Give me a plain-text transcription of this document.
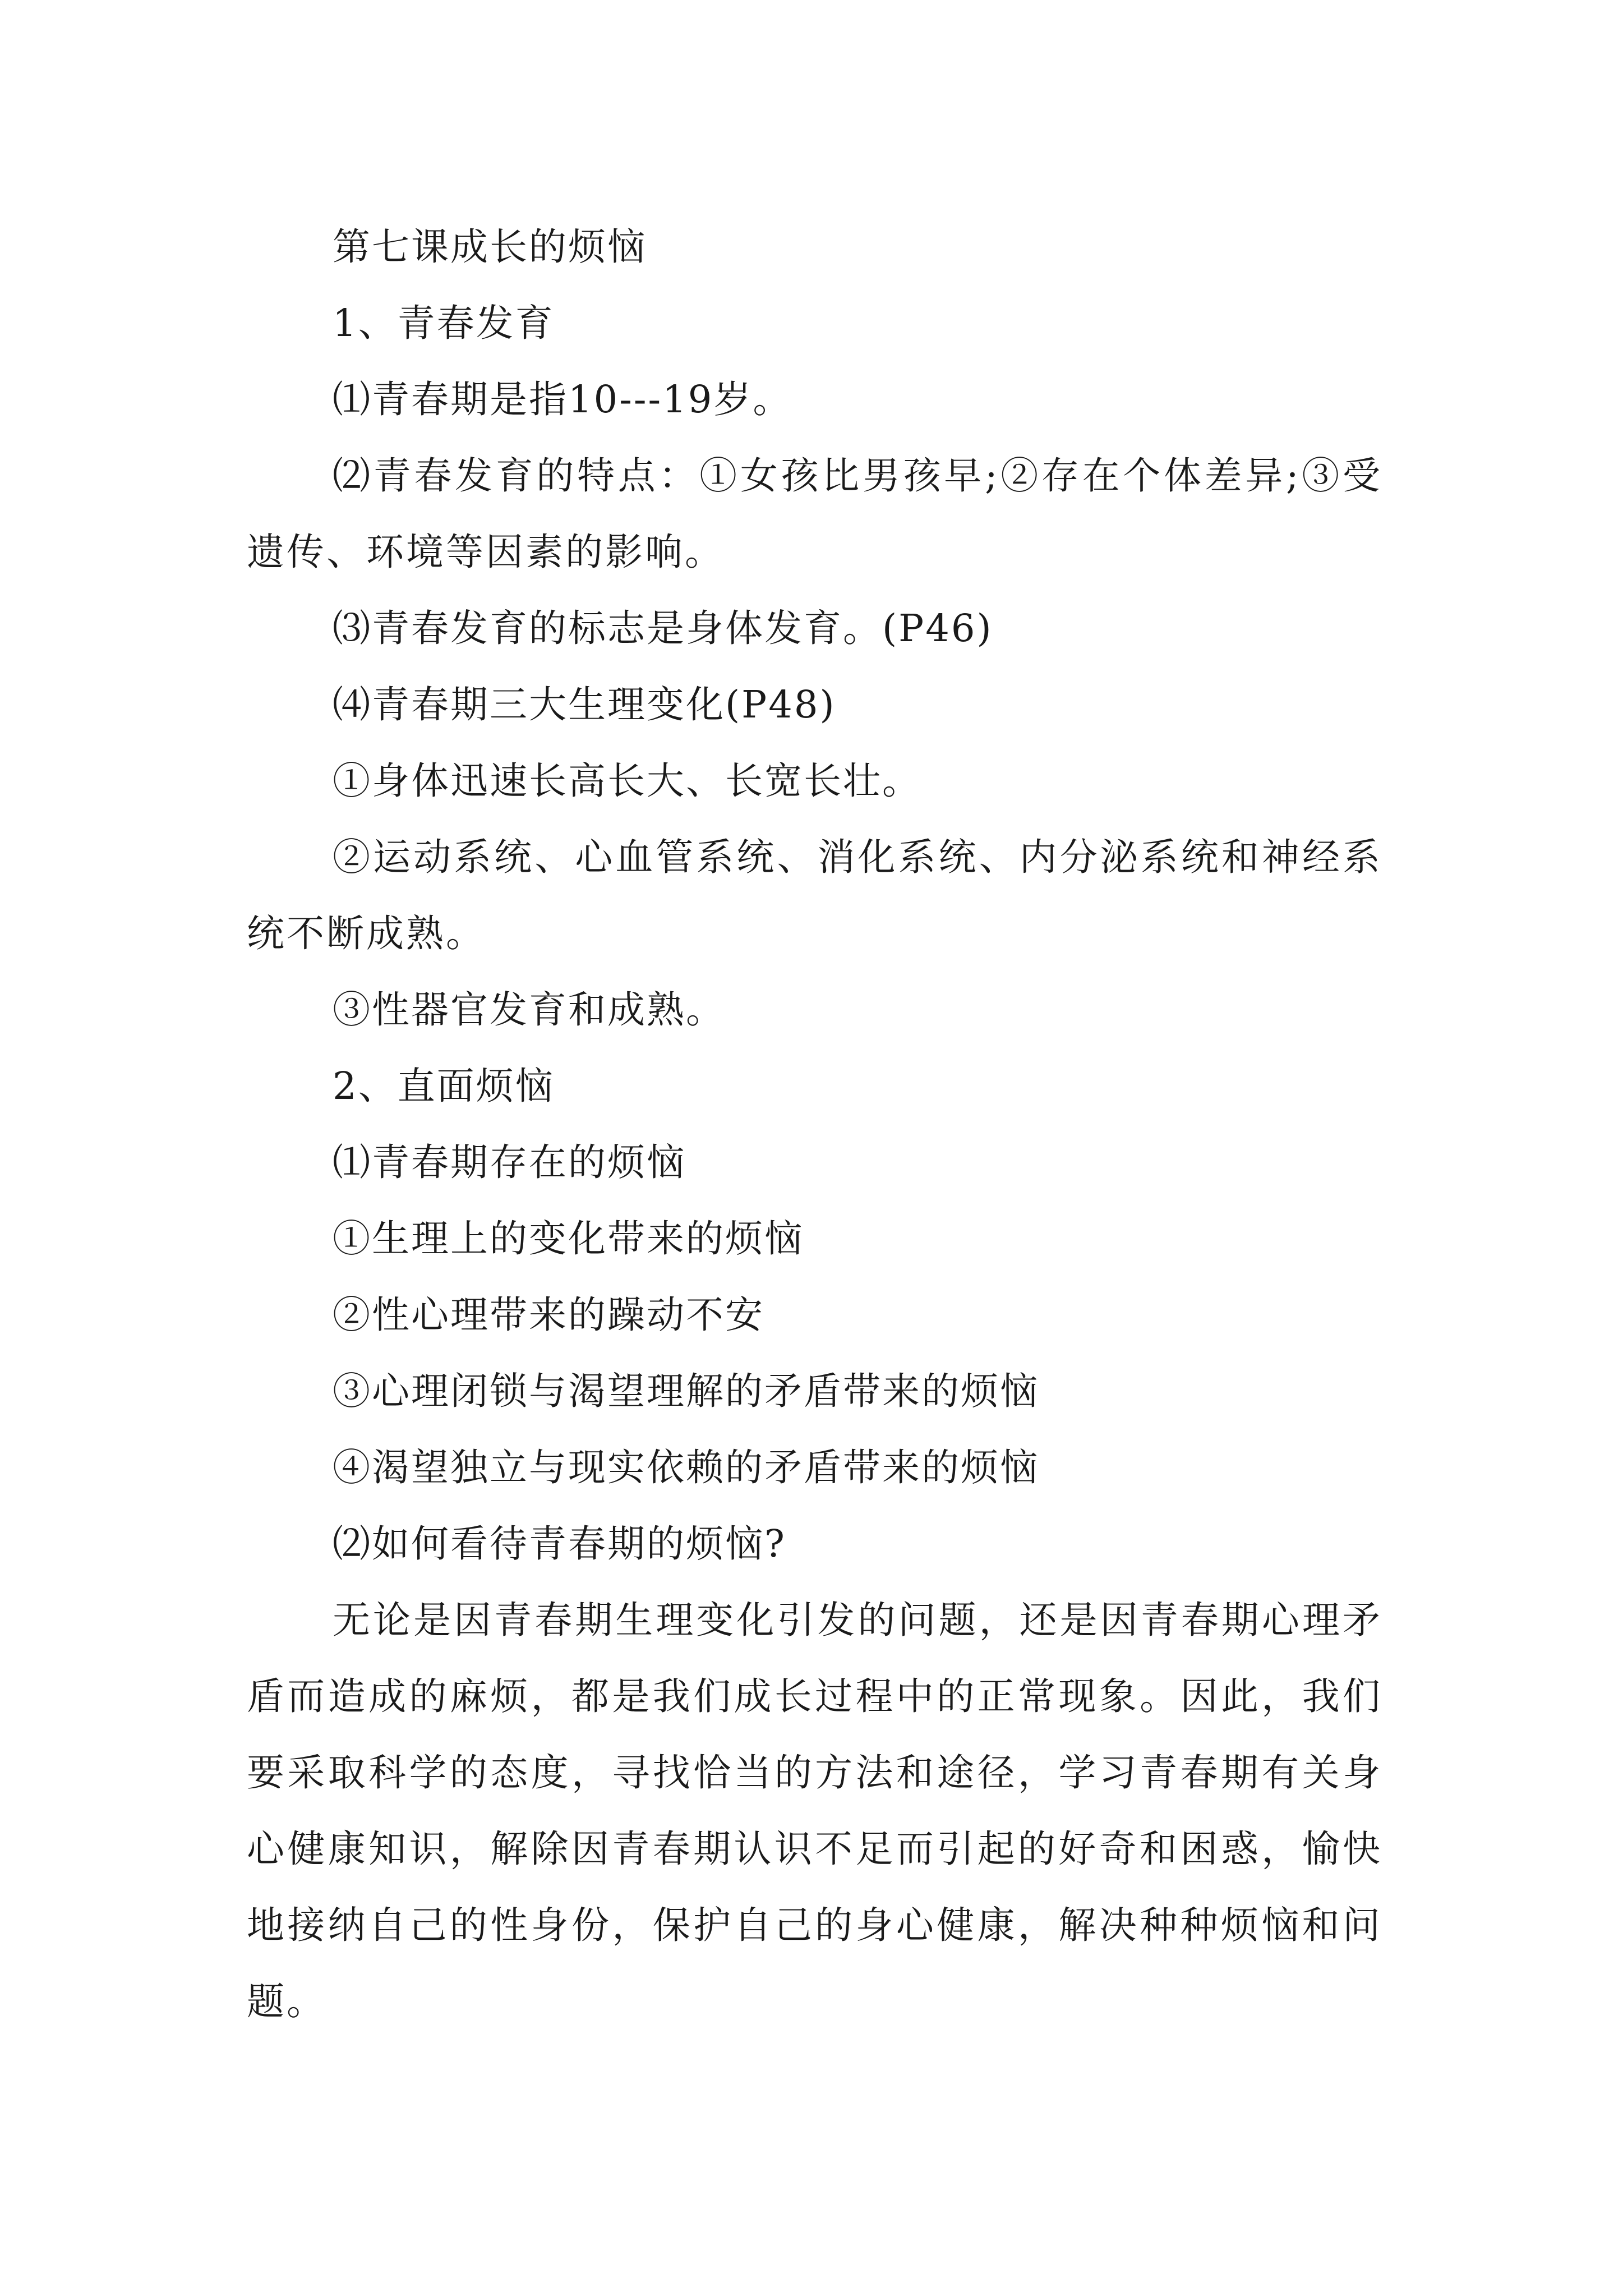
第七课成长的烦恼
1、青春发育
⑴青春期是指10---19岁。

⑵青春发育的特点：①女孩比男孩早;②存在个体差异;③受遗传、环境等因素的影响。

⑶青春发育的标志是身体发育。(P46)
⑷青春期三大生理变化(P48)
①身体迅速长高长大、长宽长壮。

②运动系统、心血管系统、消化系统、内分泌系统和神经系统不断成熟。

③性器官发育和成熟。
2、直面烦恼
⑴青春期存在的烦恼
①生理上的变化带来的烦恼
②性心理带来的躁动不安
③心理闭锁与渴望理解的矛盾带来的烦恼
④渴望独立与现实依赖的矛盾带来的烦恼
⑵如何看待青春期的烦恼?

无论是因青春期生理变化引发的问题，还是因青春期心理矛盾而造成的麻烦，都是我们成长过程中的正常现象。因此，我们要采取科学的态度，寻找恰当的方法和途径，学习青春期有关身心健康知识，解除因青春期认识不足而引起的好奇和困惑，愉快地接纳自己的性身份，保护自己的身心健康，解决种种烦恼和问题。
